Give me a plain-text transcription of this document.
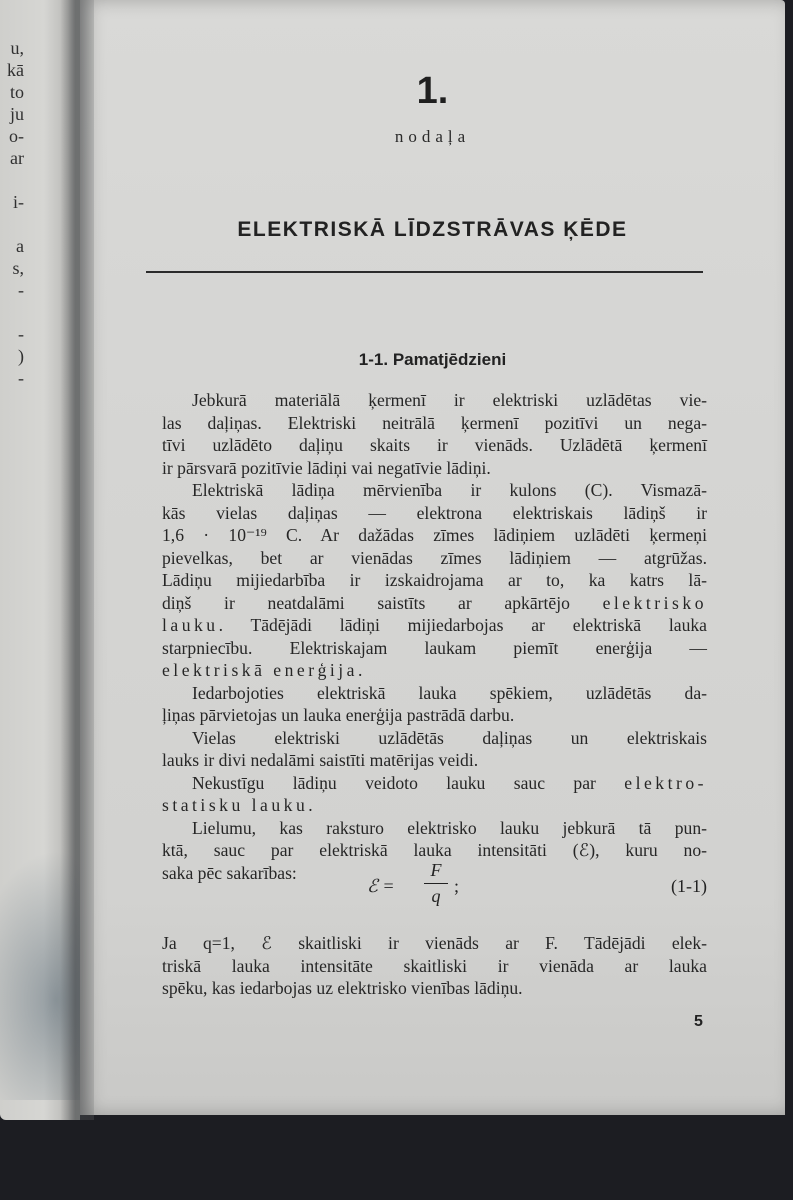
u,
kā
to
ju
o-
ar
i-
a
s,
-
-
)
-
1.
nodaļa
ELEKTRISKĀ LĪDZSTRĀVAS ĶĒDE
1-1. Pamatjēdzieni

Jebkurā materiālā ķermenī ir elektriski uzlādētas vie-

las daļiņas. Elektriski neitrālā ķermenī pozitīvi un nega-

tīvi uzlādēto daļiņu skaits ir vienāds. Uzlādētā ķermenī

ir pārsvarā pozitīvie lādiņi vai negatīvie lādiņi.

Elektriskā lādiņa mērvienība ir kulons (C). Vismazā-

kās vielas daļiņas — elektrona elektriskais lādiņš ir

1,6 · 10⁻¹⁹ C. Ar dažādas zīmes lādiņiem uzlādēti ķermeņi

pievelkas, bet ar vienādas zīmes lādiņiem — atgrūžas.

Lādiņu mijiedarbība ir izskaidrojama ar to, ka katrs lā-

diņš ir neatdalāmi saistīts ar apkārtējo elektrisko

lauku. Tādējādi lādiņi mijiedarbojas ar elektriskā lauka

starpniecību. Elektriskajam laukam piemīt enerģija —

elektriskā enerģija.

Iedarbojoties elektriskā lauka spēkiem, uzlādētās da-

ļiņas pārvietojas un lauka enerģija pastrādā darbu.

Vielas elektriski uzlādētās daļiņas un elektriskais

lauks ir divi nedalāmi saistīti matērijas veidi.

Nekustīgu lādiņu veidoto lauku sauc par elektro-

statisku lauku.

Lielumu, kas raksturo elektrisko lauku jebkurā tā pun-

ktā, sauc par elektriskā lauka intensitāti (ℰ), kuru no-

saka pēc sakarības:

ℰ =
F
q ;	(1-1)

Ja q=1, ℰ skaitliski ir vienāds ar F. Tādējādi elek-

triskā lauka intensitāte skaitliski ir vienāda ar lauka

spēku, kas iedarbojas uz elektrisko vienības lādiņu.

5
